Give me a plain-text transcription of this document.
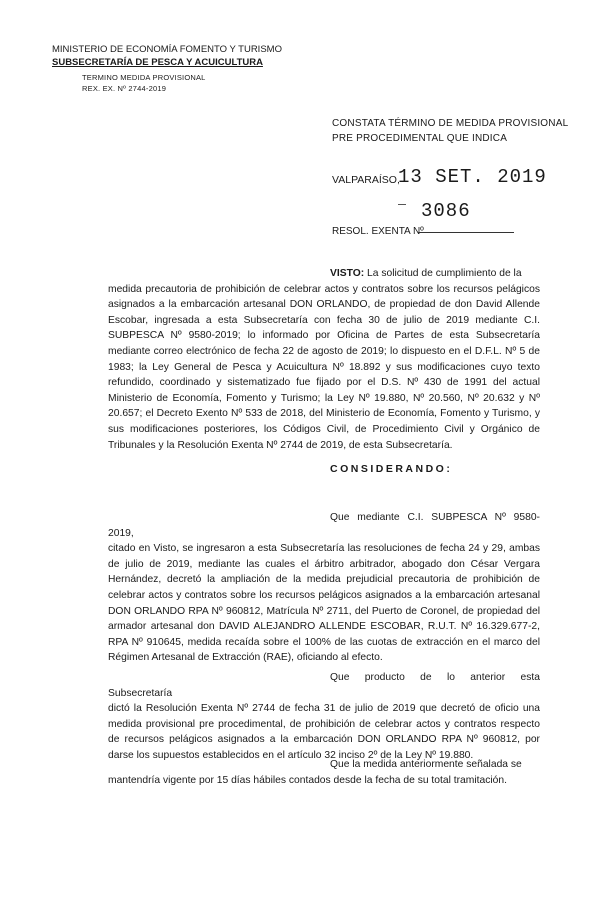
MINISTERIO DE ECONOMÍA FOMENTO Y TURISMO
SUBSECRETARÍA DE PESCA Y ACUICULTURA
TERMINO MEDIDA PROVISIONAL
REX. EX. Nº 2744-2019
CONSTATA TÉRMINO DE MEDIDA PROVISIONAL
PRE PROCEDIMENTAL QUE INDICA
VALPARAÍSO,
13 SET. 2019
RESOL. EXENTA Nº
3086
VISTO: La solicitud de cumplimiento de la
medida precautoria de prohibición de celebrar actos y contratos sobre los recursos pelágicos asignados a la embarcación artesanal DON ORLANDO, de propiedad de don David Allende Escobar, ingresada a esta Subsecretaría con fecha 30 de julio de 2019 mediante C.I. SUBPESCA Nº 9580-2019; lo informado por Oficina de Partes de esta Subsecretaría mediante correo electrónico de fecha 22 de agosto de 2019; lo dispuesto en el D.F.L. Nº 5 de 1983; la Ley General de Pesca y Acuicultura Nº 18.892 y sus modificaciones cuyo texto refundido, coordinado y sistematizado fue fijado por el D.S. Nº 430 de 1991 del actual Ministerio de Economía, Fomento y Turismo; la Ley Nº 19.880, Nº 20.560, Nº 20.632 y Nº 20.657; el Decreto Exento Nº 533 de 2018, del Ministerio de Economía, Fomento y Turismo, y sus modificaciones posteriores, los Códigos Civil, de Procedimiento Civil y Orgánico de Tribunales y la Resolución Exenta Nº 2744 de 2019, de esta Subsecretaría.
CONSIDERANDO:
Que mediante C.I. SUBPESCA Nº 9580-2019,
citado en Visto, se ingresaron a esta Subsecretaría las resoluciones de fecha 24 y 29, ambas de julio de 2019, mediante las cuales el árbitro arbitrador, abogado don César Vergara Hernández, decretó la ampliación de la medida prejudicial precautoria de prohibición de celebrar actos y contratos sobre los recursos pelágicos asignados a la embarcación artesanal DON ORLANDO RPA Nº 960812, Matrícula Nº 2711, del Puerto de Coronel, de propiedad del armador artesanal don DAVID ALEJANDRO ALLENDE ESCOBAR, R.U.T. Nº 16.329.677-2, RPA Nº 910645, medida recaída sobre el 100% de las cuotas de extracción en el marco del Régimen Artesanal de Extracción (RAE), oficiando al efecto.
Que producto de lo anterior esta Subsecretaría
dictó la Resolución Exenta Nº 2744 de fecha 31 de julio de 2019 que decretó de oficio una medida provisional pre procedimental, de prohibición de celebrar actos y contratos respecto de recursos pelágicos asignados a la embarcación DON ORLANDO RPA Nº 960812, por darse los supuestos establecidos en el artículo 32 inciso 2º de la Ley Nº 19.880.
Que la medida anteriormente señalada se
mantendría vigente por 15 días hábiles contados desde la fecha de su total tramitación.
